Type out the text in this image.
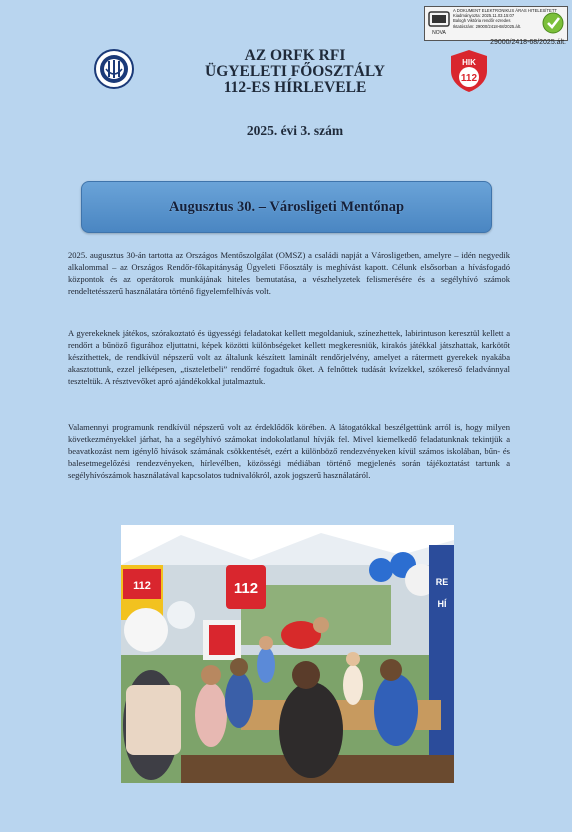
NOVA
A DOKUMENT ELEKTRONIKUS ÁRAS HITELESÍTETT
Kiadmányozta: 2025.11.03.15:07
Balogh Viktória rendőr ezredes
Iktatószám: 29000/2418-68/2025.ált.
29000/2418-68/2025.ált.
AZ ORFK RFI
ÜGYELETI FŐOSZTÁLY
112-ES HÍRLEVELE
HIK
112
2025. évi 3. szám
Augusztus 30. – Városligeti Mentőnap
2025. augusztus 30-án tartotta az Országos Mentőszolgálat (OMSZ) a családi napját a Városligetben, amelyre – idén negyedik alkalommal – az Országos Rendőr-főkapitányság Ügyeleti Főosztály is meghívást kapott. Célunk elsősorban a hívásfogadó központok és az operátorok munkájának hiteles bemutatása, a vészhelyzetek felismerésére és a segélyhívó számok rendeltetésszerű használatára történő figyelemfelhívás volt.
A gyerekeknek játékos, szórakoztató és ügyességi feladatokat kellett megoldaniuk, színezhettek, labirintuson keresztül kellett a rendőrt a bűnöző figurához eljuttatni, képek közötti különbségeket kellett megkeresniük, kirakós játékkal játszhattak, karkötőt készíthettek, de rendkívül népszerű volt az általunk készített laminált rendőrjelvény, amelyet a rátermett gyerekek nyakába akasztottunk, ezzel jelképesen, „tiszteletbeli” rendőrré fogadtuk őket. A felnőttek tudását kvízekkel, szókereső feladvánnyal teszteltük. A résztvevőket apró ajándékokkal jutalmaztuk.
Valamennyi programunk rendkívül népszerű volt az érdeklődők körében. A látogatókkal beszélgettünk arról is, hogy milyen következményekkel járhat, ha a segélyhívó számokat indokolatlanul hívják fel. Mivel kiemelkedő feladatunknak tekintjük a beavatkozást nem igénylő hívások számának csökkentését, ezért a különböző rendezvényeken kívül számos iskolában, bűn- és balesetmegelőzési rendezvényeken, hírlevélben, közösségi médiában történő megjelenés során tájékoztatást tartunk a segélyhívószámok használatával kapcsolatos tudnivalókról, azok jogszerű használatáról.
112	112	RE
HÍ
